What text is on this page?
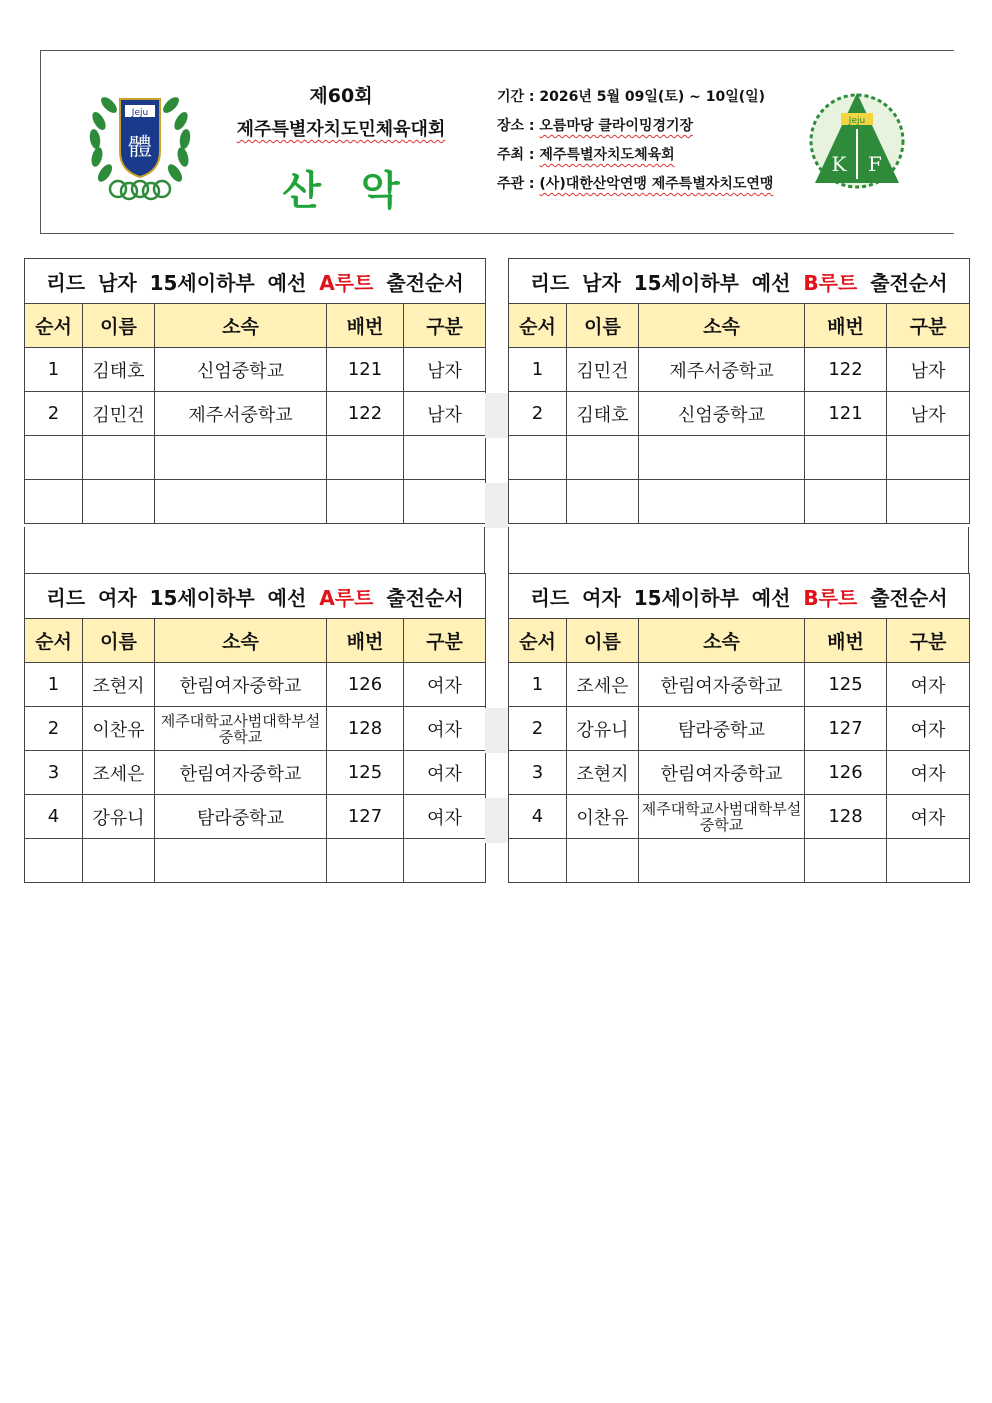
Jeju
體
제60회
제주특별자치도민체육대회
산악
기간 : 2026년 5월 09일(토) ~ 10일(일)
장소 : 오름마당 클라이밍경기장
주최 : 제주특별자치도체육회
주관 : (사)대한산악연맹 제주특별자치도연맹
Jeju
K F
리드 남자 15세이하부 예선 A루트 출전순서				
순서	이름	소속	배번	구분
1	김태호	신엄중학교	121	남자
2	김민건	제주서중학교	122	남자

리드 남자 15세이하부 예선 B루트 출전순서				
순서	이름	소속	배번	구분
1	김민건	제주서중학교	122	남자
2	김태호	신엄중학교	121	남자

리드 여자 15세이하부 예선 A루트 출전순서				
순서	이름	소속	배번	구분
1	조현지	한림여자중학교	126	여자
2	이찬유	제주대학교사범대학부설중학교	128	여자
3	조세은	한림여자중학교	125	여자
4	강유니	탐라중학교	127	여자

리드 여자 15세이하부 예선 B루트 출전순서				
순서	이름	소속	배번	구분
1	조세은	한림여자중학교	125	여자
2	강유니	탐라중학교	127	여자
3	조현지	한림여자중학교	126	여자
4	이찬유	제주대학교사범대학부설중학교	128	여자
